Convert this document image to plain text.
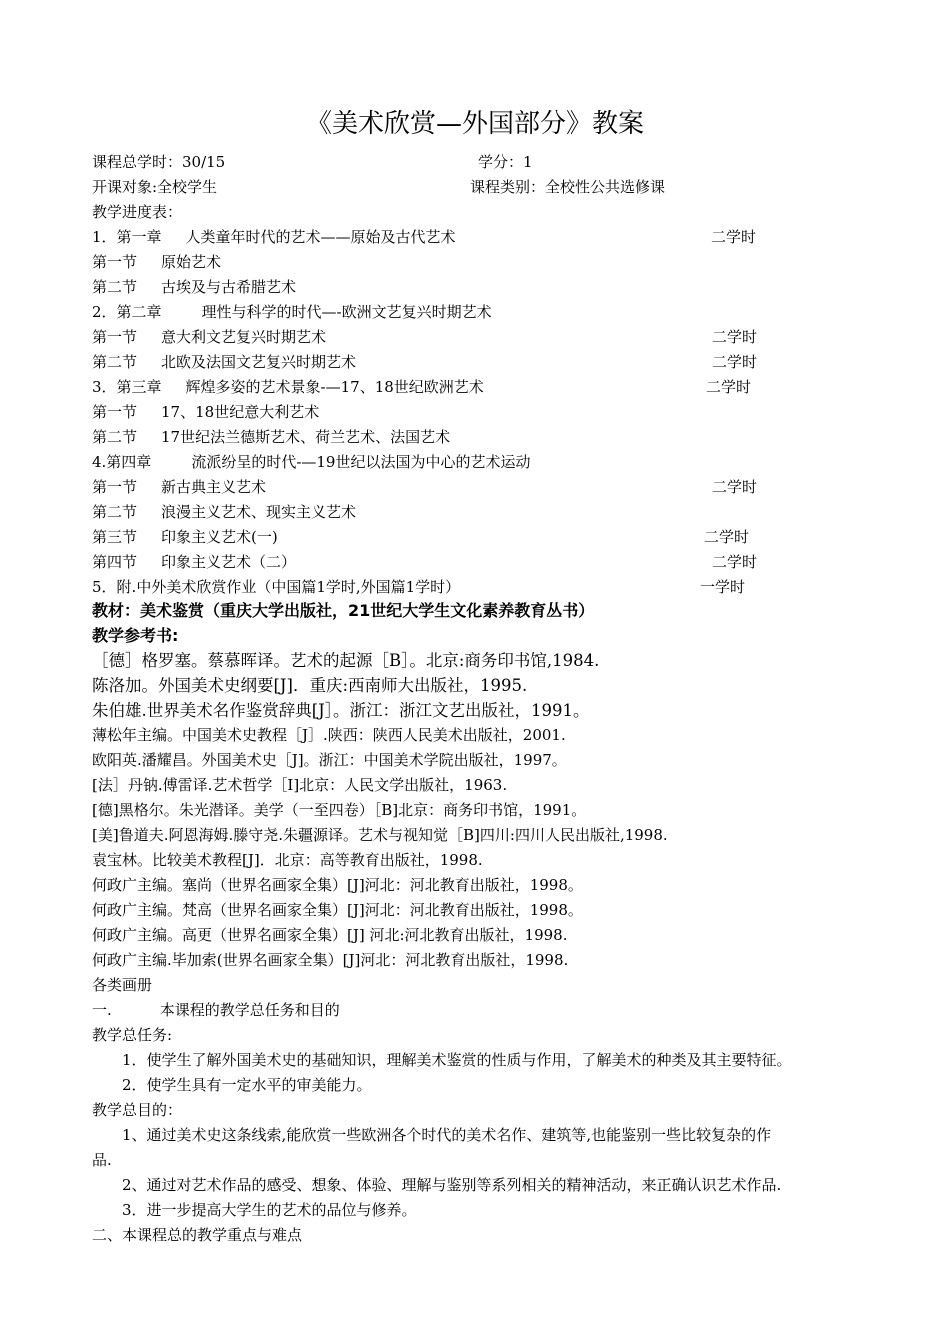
《美术欣赏—外国部分》教案
课程总学时：30/15	学分：1
开课对象:全校学生	课程类别：全校性公共选修课
教学进度表：
1．第一章 人类童年时代的艺术——原始及古代艺术	二学时
第一节 原始艺术
第二节 古埃及与古希腊艺术
2．第二章	理性与科学的时代—-欧洲文艺复兴时期艺术
第一节 意大利文艺复兴时期艺术	二学时
第二节 北欧及法国文艺复兴时期艺术	二学时
3．第三章 辉煌多姿的艺术景象-—17、18世纪欧洲艺术	二学时
第一节 17、18世纪意大利艺术
第二节 17世纪法兰德斯艺术、荷兰艺术、法国艺术
4.第四章	流派纷呈的时代-—19世纪以法国为中心的艺术运动
第一节 新古典主义艺术	二学时
第二节 浪漫主义艺术、现实主义艺术
第三节 印象主义艺术(一)	二学时
第四节 印象主义艺术（二）	二学时
5．附.中外美术欣赏作业（中国篇1学时,外国篇1学时）	一学时
教材：美术鉴赏（重庆大学出版社，21世纪大学生文化素养教育丛书）
教学参考书:
［德］格罗塞。蔡慕晖译。艺术的起源［B］。北京:商务印书馆,1984.
陈洛加。外国美术史纲要[J]．重庆:西南师大出版社，1995.
朱伯雄.世界美术名作鉴赏辞典[J］。浙江：浙江文艺出版社，1991。
薄松年主编。中国美术史教程［J］.陕西：陕西人民美术出版社，2001.
欧阳英.潘耀昌。外国美术史［J]。浙江：中国美术学院出版社，1997。
[法］丹钠.傅雷译.艺术哲学［I]北京：人民文学出版社，1963.
[德]黑格尔。朱光潜译。美学（一至四卷）［B]北京：商务印书馆，1991。
[美]鲁道夫.阿恩海姆.滕守尧.朱疆源译。艺术与视知觉［B]四川:四川人民出版社,1998.
袁宝林。比较美术教程[J]．北京：高等教育出版社，1998.
何政广主编。塞尚（世界名画家全集）[J]河北：河北教育出版社，1998。
何政广主编。梵高（世界名画家全集）[J]河北：河北教育出版社，1998。
何政广主编。高更（世界名画家全集）[J] 河北:河北教育出版社，1998.
何政广主编.毕加索(世界名画家全集）[J]河北：河北教育出版社，1998.
各类画册
一.	本课程的教学总任务和目的
教学总任务:
1．使学生了解外国美术史的基础知识，理解美术鉴赏的性质与作用，了解美术的种类及其主要特征。
2．使学生具有一定水平的审美能力。
教学总目的：
1、通过美术史这条线索,能欣赏一些欧洲各个时代的美术名作、建筑等,也能鉴别一些比较复杂的作
品.
2、通过对艺术作品的感受、想象、体验、理解与鉴别等系列相关的精神活动，来正确认识艺术作品.
3．进一步提高大学生的艺术的品位与修养。
二、本课程总的教学重点与难点
